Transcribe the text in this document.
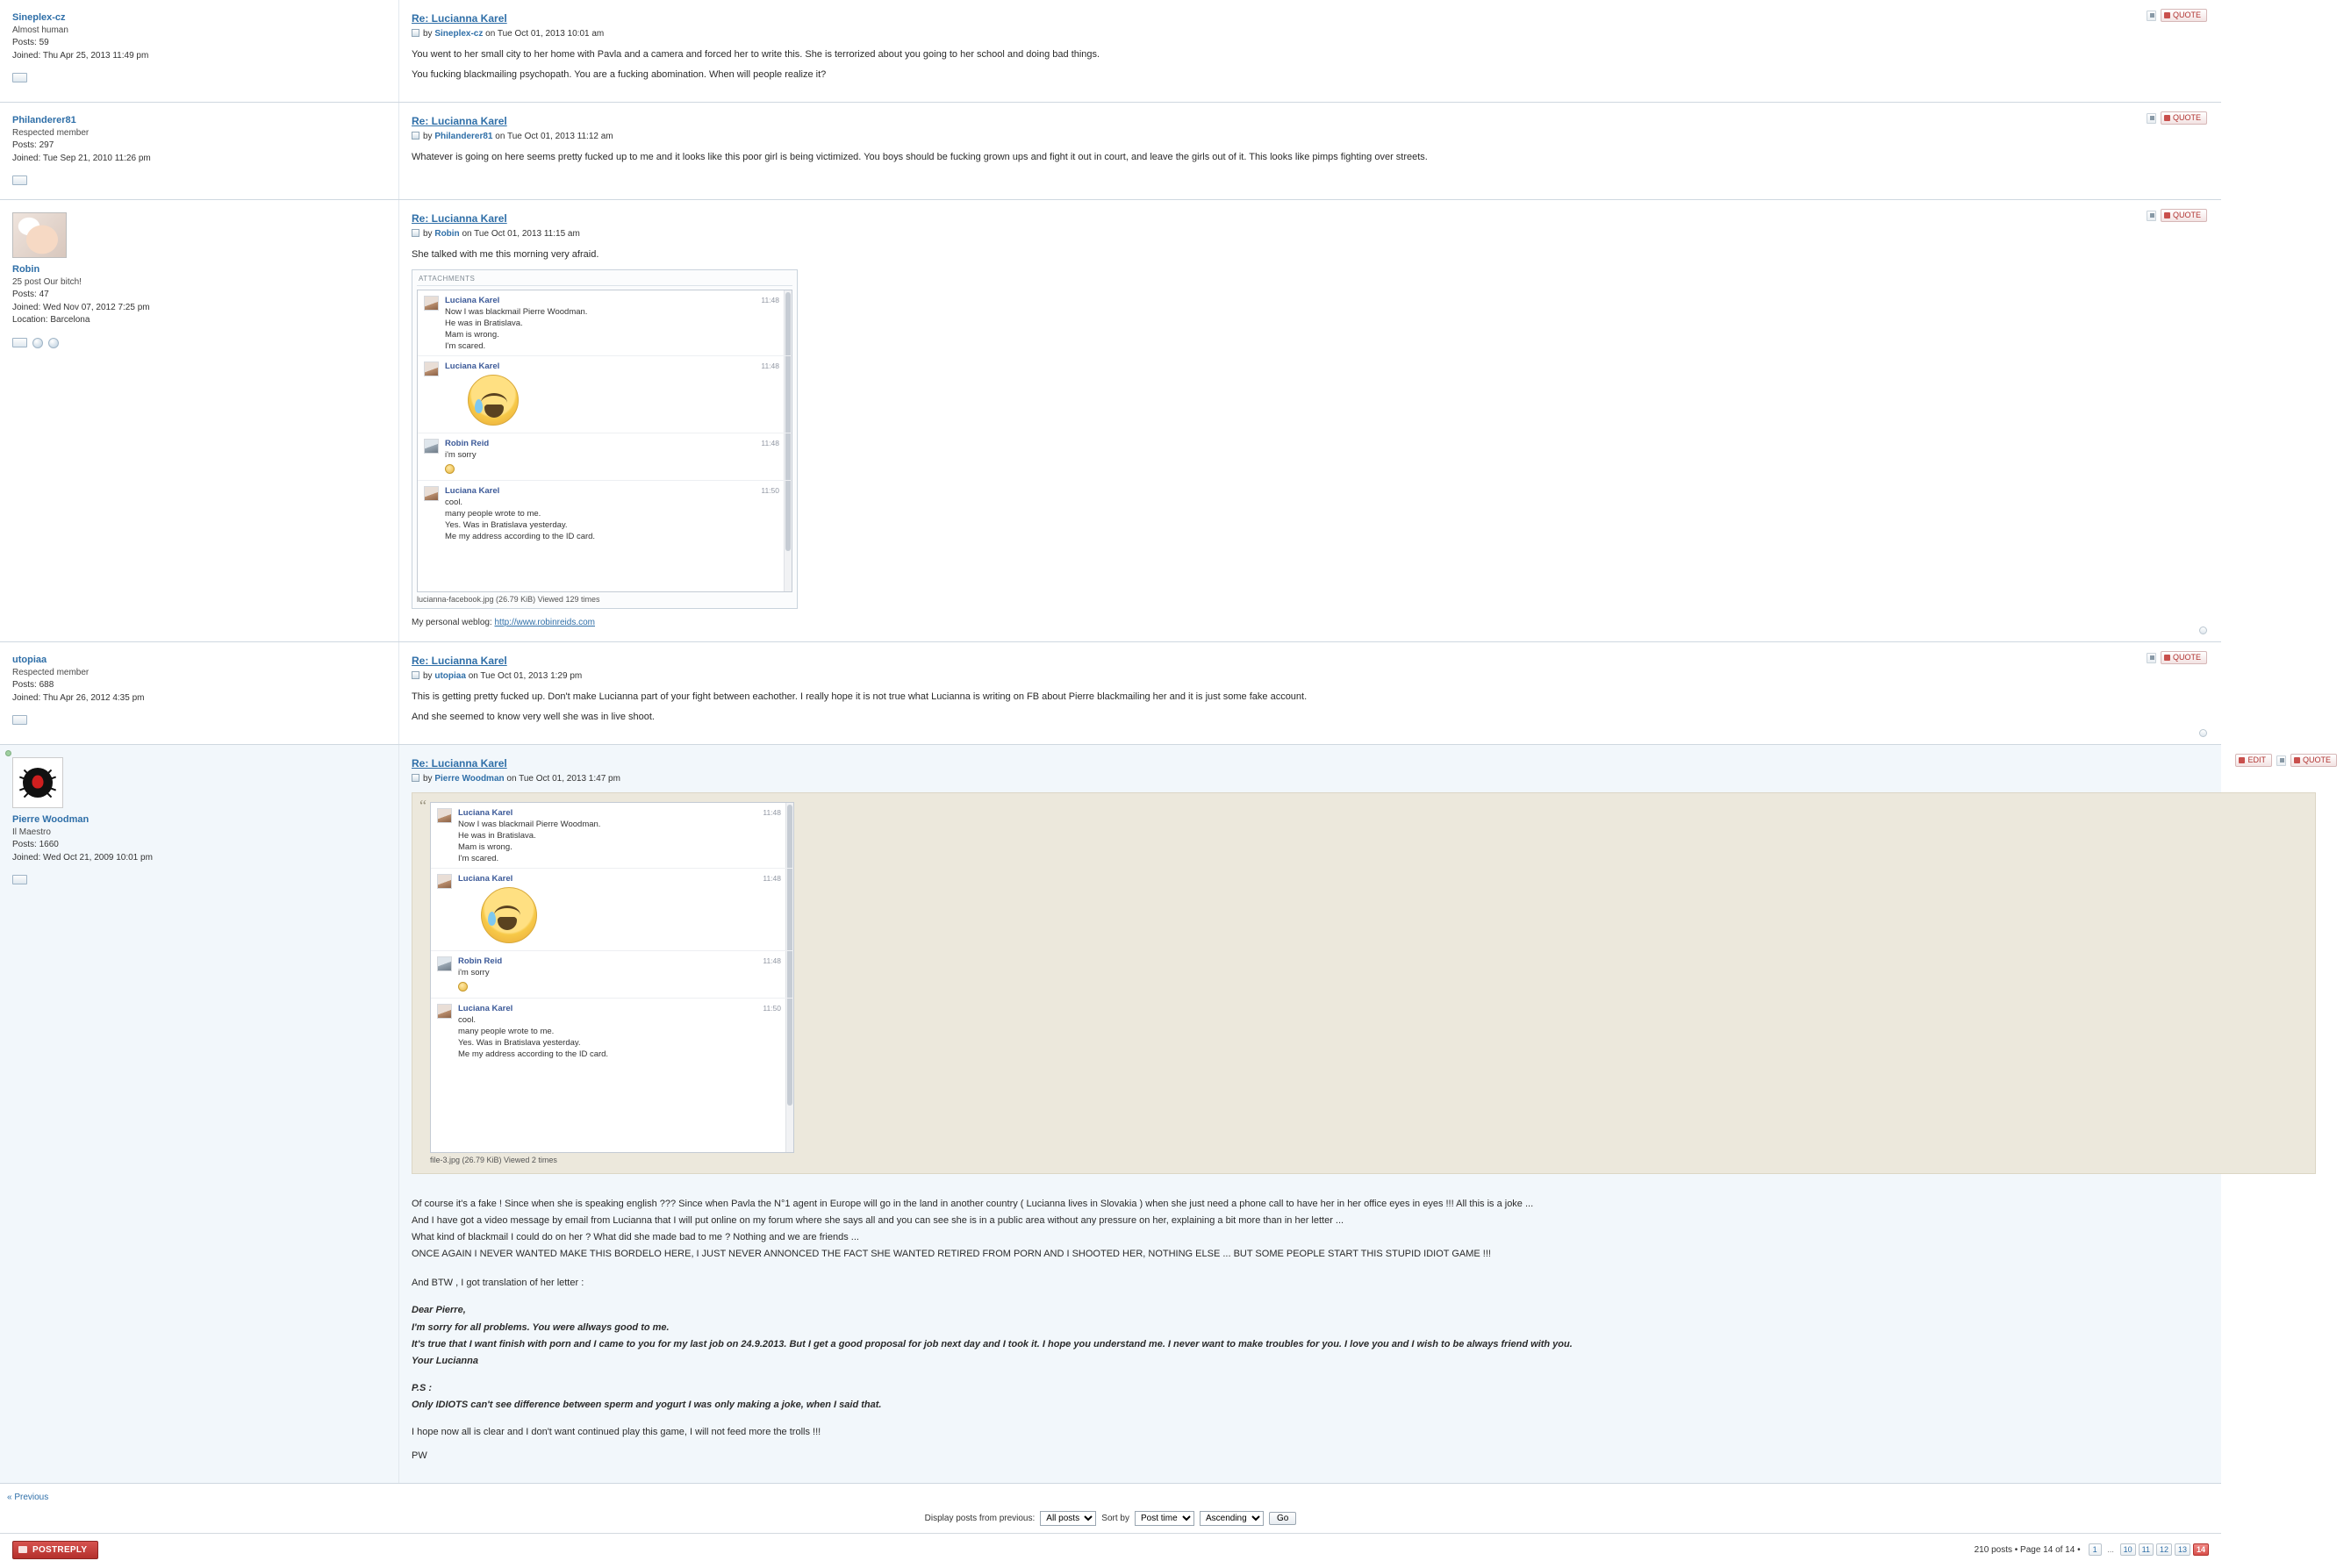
Sineplex-cz
Almost human
Posts: 59
Joined: Thu Apr 25, 2013 11:49 pm
QUOTE
Re: Lucianna Karel
by Sineplex-cz on Tue Oct 01, 2013 10:01 am
You went to her small city to her home with Pavla and a camera and forced her to write this. She is terrorized about you going to her school and doing bad things.
You fucking blackmailing psychopath. You are a fucking abomination. When will people realize it?
Philanderer81
Respected member
Posts: 297
Joined: Tue Sep 21, 2010 11:26 pm
QUOTE
Re: Lucianna Karel
by Philanderer81 on Tue Oct 01, 2013 11:12 am
Whatever is going on here seems pretty fucked up to me and it looks like this poor girl is being victimized. You boys should be fucking grown ups and fight it out in court, and leave the girls out of it. This looks like pimps fighting over streets.
Robin
25 post Our bitch!
Posts: 47
Joined: Wed Nov 07, 2012 7:25 pm
Location: Barcelona
QUOTE
Re: Lucianna Karel
by Robin on Tue Oct 01, 2013 11:15 am
She talked with me this morning very afraid.
ATTACHMENTS
Luciana Karel
Now I was blackmail Pierre Woodman.
He was in Bratislava.
Mam is wrong.
I'm scared.
11:48
Luciana Karel	11:48
Robin Reid
i'm sorry
11:48
Luciana Karel
cool.
many people wrote to me.
Yes. Was in Bratislava yesterday.
Me my address according to the ID card.
11:50
lucianna-facebook.jpg (26.79 KiB) Viewed 129 times
My personal weblog: http://www.robinreids.com
utopiaa
Respected member
Posts: 688
Joined: Thu Apr 26, 2012 4:35 pm
QUOTE
Re: Lucianna Karel
by utopiaa on Tue Oct 01, 2013 1:29 pm
This is getting pretty fucked up. Don't make Lucianna part of your fight between eachother. I really hope it is not true what Lucianna is writing on FB about Pierre blackmailing her and it is just some fake account.
And she seemed to know very well she was in live shoot.
Pierre Woodman
Il Maestro
Posts: 1660
Joined: Wed Oct 21, 2009 10:01 pm
EDIT	QUOTE
Re: Lucianna Karel
by Pierre Woodman on Tue Oct 01, 2013 1:47 pm
“	Luciana Karel
Now I was blackmail Pierre Woodman.
He was in Bratislava.
Mam is wrong.
I'm scared.
11:48
Luciana Karel	11:48
Robin Reid
i'm sorry
11:48
Luciana Karel
cool.
many people wrote to me.
Yes. Was in Bratislava yesterday.
Me my address according to the ID card.
11:50
file-3.jpg (26.79 KiB) Viewed 2 times
Of course it's a fake ! Since when she is speaking english ??? Since when Pavla the N°1 agent in Europe will go in the land in another country ( Lucianna lives in Slovakia ) when she just need a phone call to have her in her office eyes in eyes !!! All this is a joke ...
And I have got a video message by email from Lucianna that I will put online on my forum where she says all and you can see she is in a public area without any pressure on her, explaining a bit more than in her letter ...
What kind of blackmail I could do on her ? What did she made bad to me ? Nothing and we are friends ...
ONCE AGAIN I NEVER WANTED MAKE THIS BORDELO HERE, I JUST NEVER ANNONCED THE FACT SHE WANTED RETIRED FROM PORN AND I SHOOTED HER, NOTHING ELSE ... BUT SOME PEOPLE START THIS STUPID IDIOT GAME !!!
And BTW , I got translation of her letter :
Dear Pierre,
I'm sorry for all problems. You were allways good to me.
It's true that I want finish with porn and I came to you for my last job on 24.9.2013. But I get a good proposal for job next day and I took it. I hope you understand me. I never want to make troubles for you. I love you and I wish to be always friend with you.
Your Lucianna
P.S :
Only IDIOTS can't see difference between sperm and yogurt I was only making a joke, when I said that.
I hope now all is clear and I don't want continued play this game, I will not feed more the trolls !!!
PW
« Previous
Display posts from previous:
All posts	Sort by
Post time
Ascending	Go
POSTREPLY	210 posts • Page 14 of 14 •	1	...	10	11	12	13	14
